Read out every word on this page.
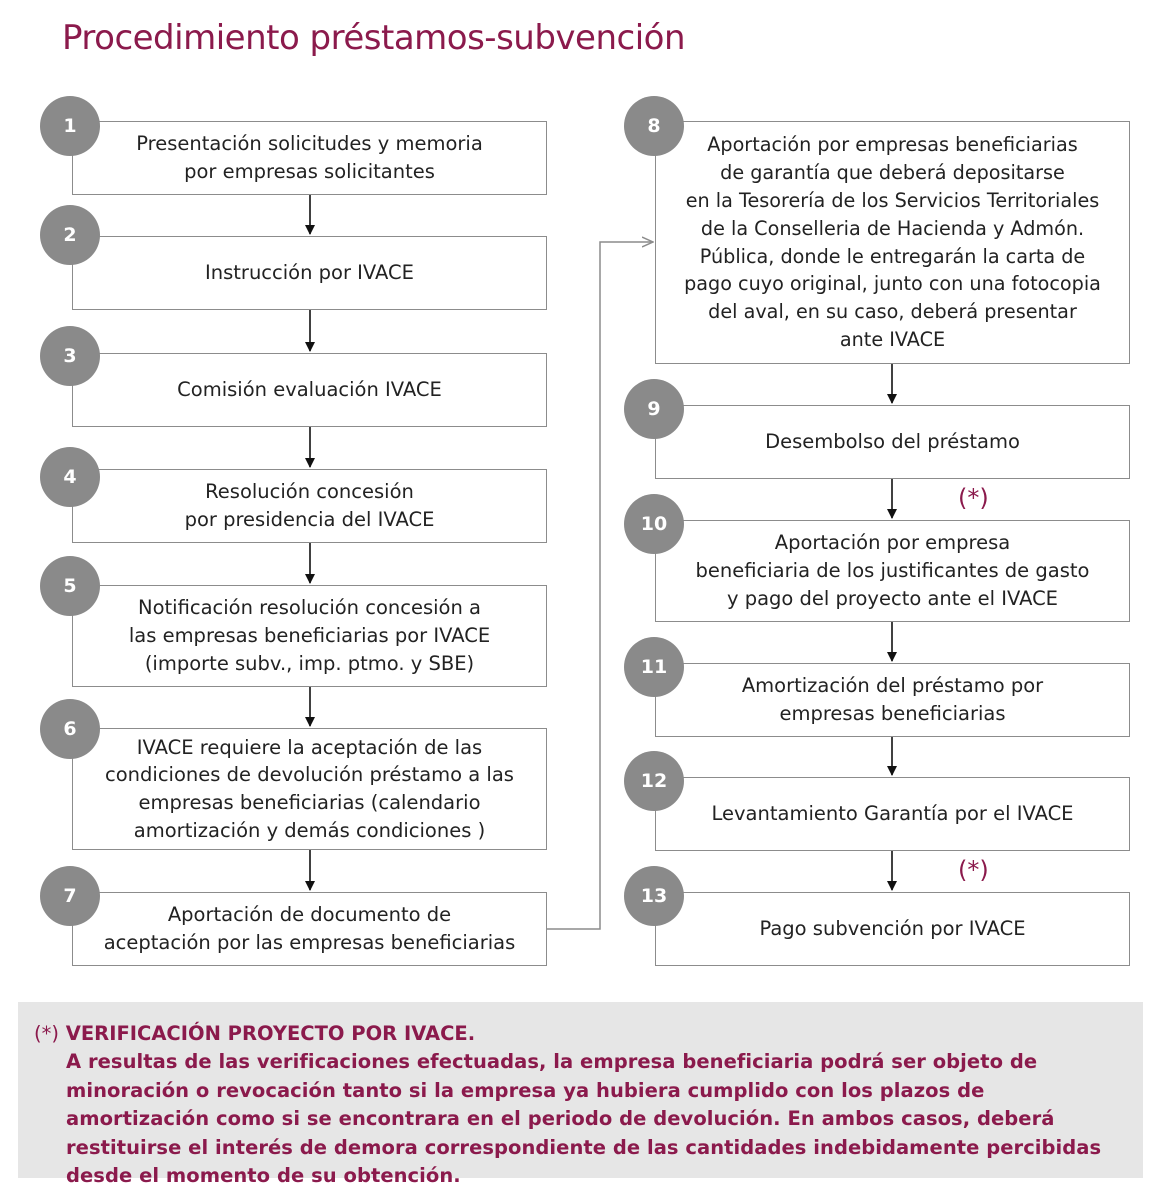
Procedimiento préstamos-subvención
Presentación solicitudes y memoria
por empresas solicitantes
Instrucción por IVACE
Comisión evaluación IVACE
Resolución concesión
por presidencia del IVACE
Notificación resolución concesión a
las empresas beneficiarias por IVACE
(importe subv., imp. ptmo. y SBE)
IVACE requiere la aceptación de las
condiciones de devolución préstamo a las
empresas beneficiarias (calendario
amortización y demás condiciones )
Aportación de documento de
aceptación por las empresas beneficiarias
Aportación por empresas beneficiarias
de garantía que deberá depositarse
en la Tesorería de los Servicios Territoriales
de la Conselleria de Hacienda y Admón.
Pública, donde le entregarán la carta de
pago cuyo original, junto con una fotocopia
del aval, en su caso, deberá presentar
ante IVACE
Desembolso del préstamo
Aportación por empresa
beneficiaria de los justificantes de gasto
y pago del proyecto ante el IVACE
Amortización del préstamo por
empresas beneficiarias
Levantamiento Garantía por el IVACE
Pago subvención por IVACE
1
2
3
4
5
6
7
8
9
10
11
12
13
(*)
(*)
(*) VERIFICACIÓN PROYECTO POR IVACE.
A resultas de las verificaciones efectuadas, la empresa beneficiaria podrá ser objeto de minoración o revocación tanto si la empresa ya hubiera cumplido con los plazos de amortización como si se encontrara en el periodo de devolución. En ambos casos, deberá restituirse el interés de demora correspondiente de las cantidades indebidamente percibidas desde el momento de su obtención.
